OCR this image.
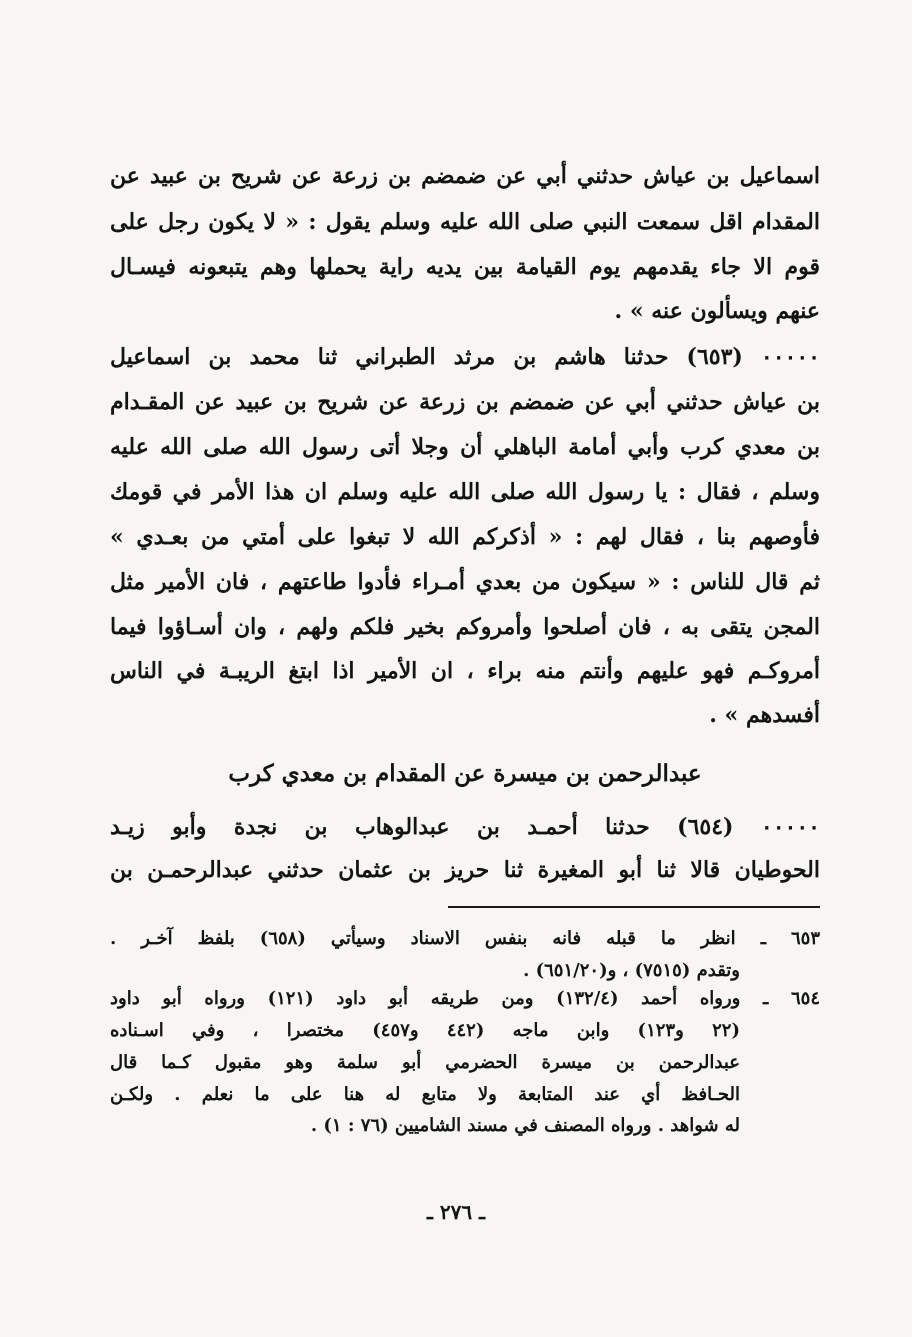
اسماعيل بن عياش حدثني أبي عن ضمضم بن زرعة عن شريح بن عبيد عن
المقدام اقل سمعت النبي صلى الله عليه وسلم يقول : « لا يكون رجل على
قوم الا جاء يقدمهم يوم القيامة بين يديه راية يحملها وهم يتبعونه فيسـال
عنهم ويسألون عنه » .
٠٠٠٠٠ (٦٥٣) حدثنا هاشم بن مرثد الطبراني ثنا محمد بن اسماعيل
بن عياش حدثني أبي عن ضمضم بن زرعة عن شريح بن عبيد عن المقـدام
بن معدي كرب وأبي أمامة الباهلي أن وجلا أتى رسول الله صلى الله عليه
وسلم ، فقال : يا رسول الله صلى الله عليه وسلم ان هذا الأمر في قومك
فأوصهم بنا ، فقال لهم : « أذكركم الله لا تبغوا على أمتي من بعـدي »
ثم قال للناس : « سيكون من بعدي أمـراء فأدوا طاعتهم ، فان الأمير مثل
المجن يتقى به ، فان أصلحوا وأمروكم بخير فلكم ولهم ، وان أسـاؤوا فيما
أمروكـم فهو عليهم وأنتم منه براء ، ان الأمير اذا ابتغ الريبـة في الناس
أفسدهم » .
عبدالرحمن بن ميسرة عن المقدام بن معدي كرب
٠٠٠٠٠ (٦٥٤) حدثنا أحمـد بن عبدالوهاب بن نجدة وأبو زيـد
الحوطيان قالا ثنا أبو المغيرة ثنا حريز بن عثمان حدثني عبدالرحمـن بن
٦٥٣ ـ انظر ما قبله فانه بنفس الاسناد وسيأتي (٦٥٨) بلفظ آخـر .
وتقدم (٧٥١٥) ، و(٦٥١/٢٠) .
٦٥٤ ـ ورواه أحمد (١٣٢/٤) ومن طريقه أبو داود (١٢١) ورواه أبو داود
(٢٢ و١٢٣) وابن ماجه (٤٤٢ و٤٥٧) مختصرا ، وفي اسـناده
عبدالرحمن بن ميسرة الحضرمي أبو سلمة وهو مقبول كـما قال
الحـافظ أي عند المتابعة ولا متابع له هنا على ما نعلم . ولكـن
له شواهد . ورواه المصنف في مسند الشاميين (٧٦ : ١) .
ـ ٢٧٦ ـ
